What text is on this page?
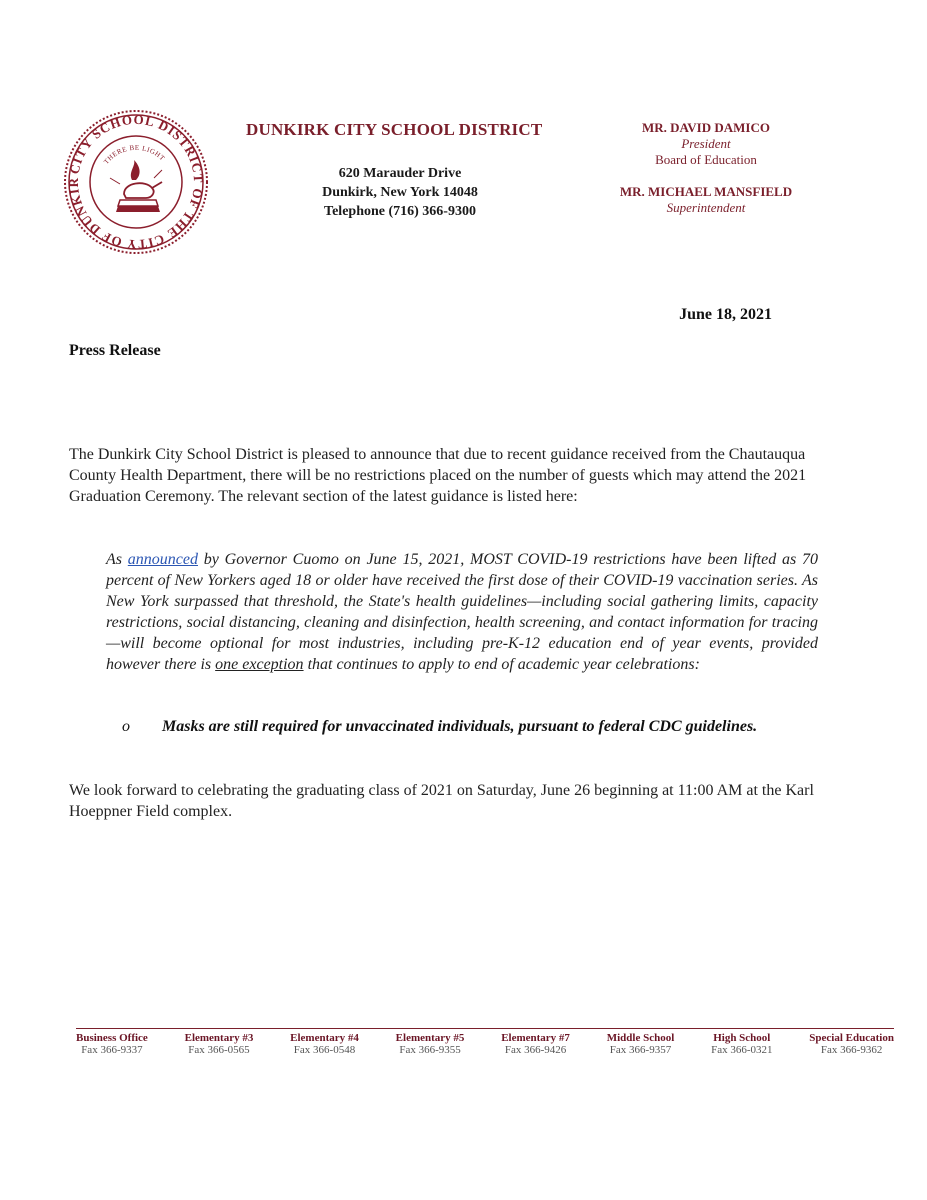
CITY SCHOOL DISTRICT OF THE CITY OF DUNKIR
THERE BE LIGHT
DUNKIRK CITY SCHOOL DISTRICT
620 Marauder Drive
Dunkirk, New York 14048
Telephone (716) 366-9300
MR. DAVID DAMICO
President
Board of Education
MR. MICHAEL MANSFIELD
Superintendent
June 18, 2021
Press Release
The Dunkirk City School District is pleased to announce that due to recent guidance received from the Chautauqua County Health Department, there will be no restrictions placed on the number of guests which may attend the 2021 Graduation Ceremony. The relevant section of the latest guidance is listed here:
As announced by Governor Cuomo on June 15, 2021, MOST COVID-19 restrictions have been lifted as 70 percent of New Yorkers aged 18 or older have received the first dose of their COVID-19 vaccination series. As New York surpassed that threshold, the State's health guidelines—including social gathering limits, capacity restrictions, social distancing, cleaning and disinfection, health screening, and contact information for tracing—will become optional for most industries, including pre-K-12 education end of year events, provided however there is one exception that continues to apply to end of academic year celebrations:
o Masks are still required for unvaccinated individuals, pursuant to federal CDC guidelines.
We look forward to celebrating the graduating class of 2021 on Saturday, June 26 beginning at 11:00 AM at the Karl Hoeppner Field complex.
Business Office
Fax 366-9337
Elementary #3
Fax 366-0565
Elementary #4
Fax 366-0548
Elementary #5
Fax 366-9355
Elementary #7
Fax 366-9426
Middle School
Fax 366-9357
High School
Fax 366-0321
Special Education
Fax 366-9362
